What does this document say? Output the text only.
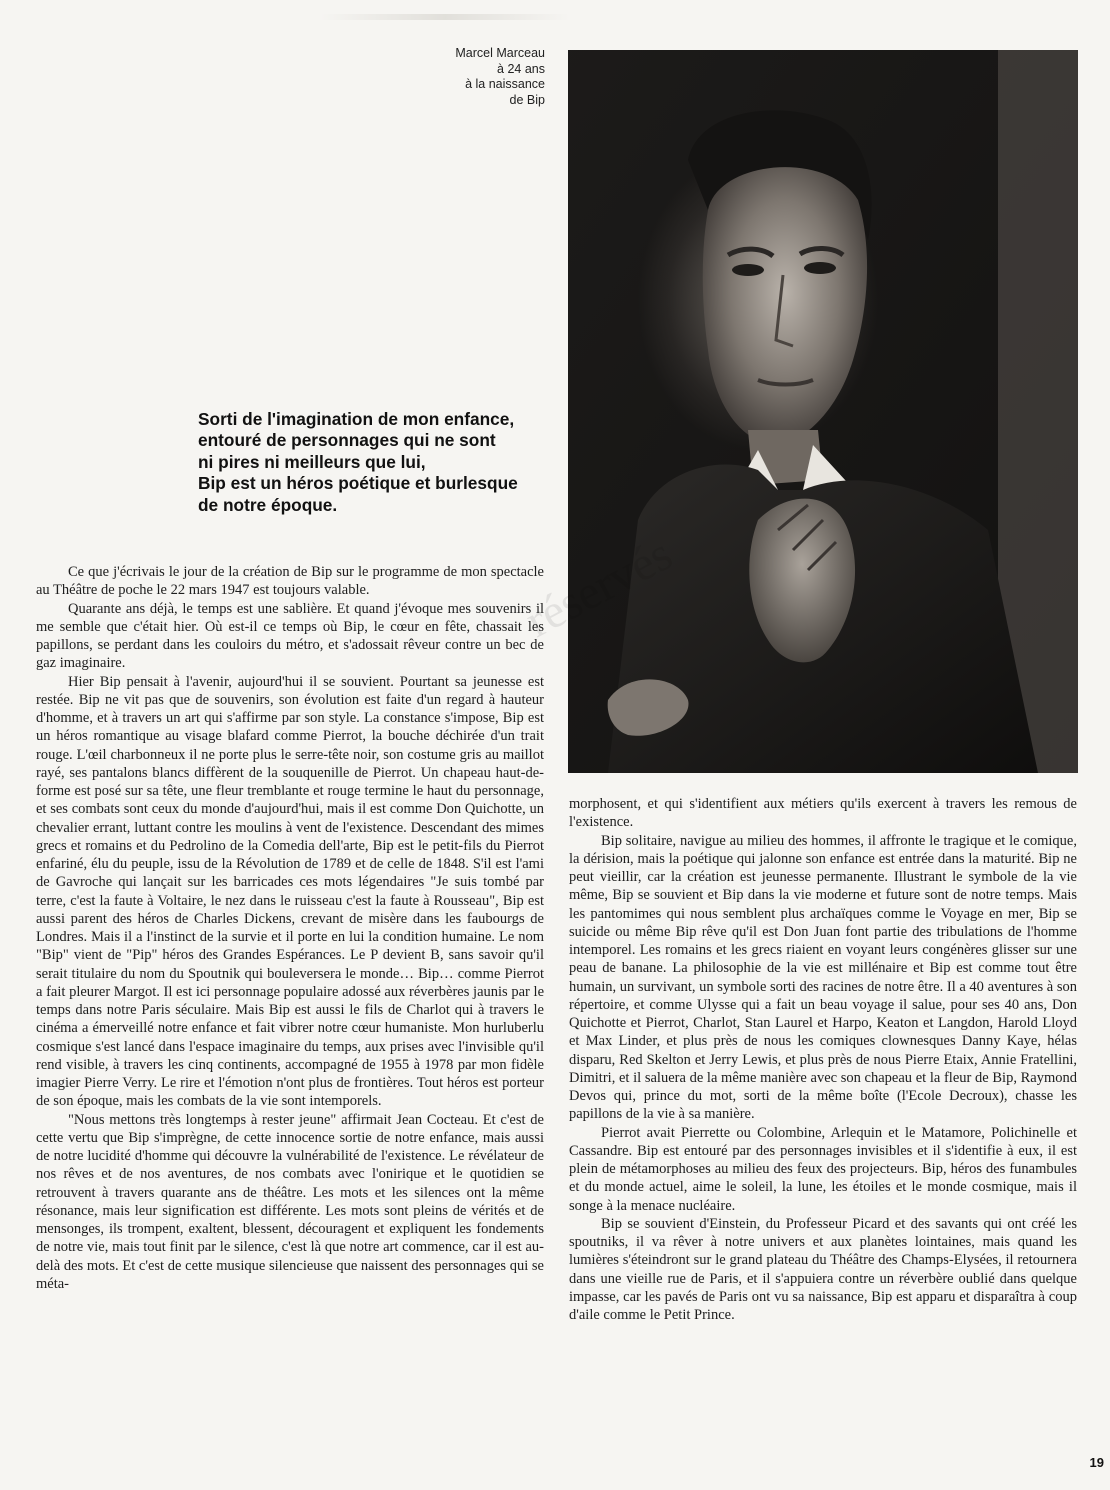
Marcel Marceau
à 24 ans
à la naissance
de Bip
Sorti de l'imagination de mon enfance,
entouré de personnages qui ne sont
ni pires ni meilleurs que lui,
Bip est un héros poétique et burlesque
de notre époque.

Ce que j'écrivais le jour de la création de Bip sur le programme de mon spectacle au Théâtre de poche le 22 mars 1947 est toujours valable.

Quarante ans déjà, le temps est une sablière. Et quand j'évoque mes souvenirs il me semble que c'était hier. Où est-il ce temps où Bip, le cœur en fête, chassait les papillons, se perdant dans les couloirs du métro, et s'adossait rêveur contre un bec de gaz imaginaire.

Hier Bip pensait à l'avenir, aujourd'hui il se souvient. Pourtant sa jeunesse est restée. Bip ne vit pas que de souvenirs, son évolution est faite d'un regard à hauteur d'homme, et à travers un art qui s'affirme par son style. La constance s'impose, Bip est un héros romantique au visage blafard comme Pierrot, la bouche déchirée d'un trait rouge. L'œil charbonneux il ne porte plus le serre-tête noir, son costume gris au maillot rayé, ses pantalons blancs diffèrent de la souquenille de Pierrot. Un chapeau haut-de-forme est posé sur sa tête, une fleur tremblante et rouge termine le haut du personnage, et ses combats sont ceux du monde d'aujourd'hui, mais il est comme Don Quichotte, un chevalier errant, luttant contre les moulins à vent de l'existence. Descendant des mimes grecs et romains et du Pedrolino de la Comedia dell'arte, Bip est le petit-fils du Pierrot enfariné, élu du peuple, issu de la Révolution de 1789 et de celle de 1848. S'il est l'ami de Gavroche qui lançait sur les barricades ces mots légendaires "Je suis tombé par terre, c'est la faute à Voltaire, le nez dans le ruisseau c'est la faute à Rousseau", Bip est aussi parent des héros de Charles Dickens, crevant de misère dans les faubourgs de Londres. Mais il a l'instinct de la survie et il porte en lui la condition humaine. Le nom "Bip" vient de "Pip" héros des Grandes Espérances. Le P devient B, sans savoir qu'il serait titulaire du nom du Spoutnik qui bouleversera le monde… Bip… comme Pierrot a fait pleurer Margot. Il est ici personnage populaire adossé aux réverbères jaunis par le temps dans notre Paris séculaire. Mais Bip est aussi le fils de Charlot qui à travers le cinéma a émerveillé notre enfance et fait vibrer notre cœur humaniste. Mon hurluberlu cosmique s'est lancé dans l'espace imaginaire du temps, aux prises avec l'invisible qu'il rend visible, à travers les cinq continents, accompagné de 1955 à 1978 par mon fidèle imagier Pierre Verry. Le rire et l'émotion n'ont plus de frontières. Tout héros est porteur de son époque, mais les combats de la vie sont intemporels.

"Nous mettons très longtemps à rester jeune" affirmait Jean Cocteau. Et c'est de cette vertu que Bip s'imprègne, de cette innocence sortie de notre enfance, mais aussi de notre lucidité d'homme qui découvre la vulnérabilité de l'existence. Le révélateur de nos rêves et de nos aventures, de nos combats avec l'onirique et le quotidien se retrouvent à travers quarante ans de théâtre. Les mots et les silences ont la même résonance, mais leur signification est différente. Les mots sont pleins de vérités et de mensonges, ils trompent, exaltent, blessent, découragent et expliquent les fondements de notre vie, mais tout finit par le silence, c'est là que notre art commence, car il est au-delà des mots. Et c'est de cette musique silencieuse que naissent des personnages qui se méta-

morphosent, et qui s'identifient aux métiers qu'ils exercent à travers les remous de l'existence.

Bip solitaire, navigue au milieu des hommes, il affronte le tragique et le comique, la dérision, mais la poétique qui jalonne son enfance est entrée dans la maturité. Bip ne peut vieillir, car la création est jeunesse permanente. Illustrant le symbole de la vie même, Bip se souvient et Bip dans la vie moderne et future sont de notre temps. Mais les pantomimes qui nous semblent plus archaïques comme le Voyage en mer, Bip se suicide ou même Bip rêve qu'il est Don Juan font partie des tribulations de l'homme intemporel. Les romains et les grecs riaient en voyant leurs congénères glisser sur une peau de banane. La philosophie de la vie est millénaire et Bip est comme tout être humain, un survivant, un symbole sorti des racines de notre être. Il a 40 aventures à son répertoire, et comme Ulysse qui a fait un beau voyage il salue, pour ses 40 ans, Don Quichotte et Pierrot, Charlot, Stan Laurel et Harpo, Keaton et Langdon, Harold Lloyd et Max Linder, et plus près de nous les comiques clownesques Danny Kaye, hélas disparu, Red Skelton et Jerry Lewis, et plus près de nous Pierre Etaix, Annie Fratellini, Dimitri, et il saluera de la même manière avec son chapeau et la fleur de Bip, Raymond Devos qui, prince du mot, sorti de la même boîte (l'Ecole Decroux), chasse les papillons de la vie à sa manière.

Pierrot avait Pierrette ou Colombine, Arlequin et le Matamore, Polichinelle et Cassandre. Bip est entouré par des personnages invisibles et il s'identifie à eux, il est plein de métamorphoses au milieu des feux des projecteurs. Bip, héros des funambules et du monde actuel, aime le soleil, la lune, les étoiles et le monde cosmique, mais il songe à la menace nucléaire.

Bip se souvient d'Einstein, du Professeur Picard et des savants qui ont créé les spoutniks, il va rêver à notre univers et aux planètes lointaines, mais quand les lumières s'éteindront sur le grand plateau du Théâtre des Champs-Elysées, il retournera dans une vieille rue de Paris, et il s'appuiera contre un réverbère oublié dans quelque impasse, car les pavés de Paris ont vu sa naissance, Bip est apparu et disparaîtra à coup d'aile comme le Petit Prince.

19
